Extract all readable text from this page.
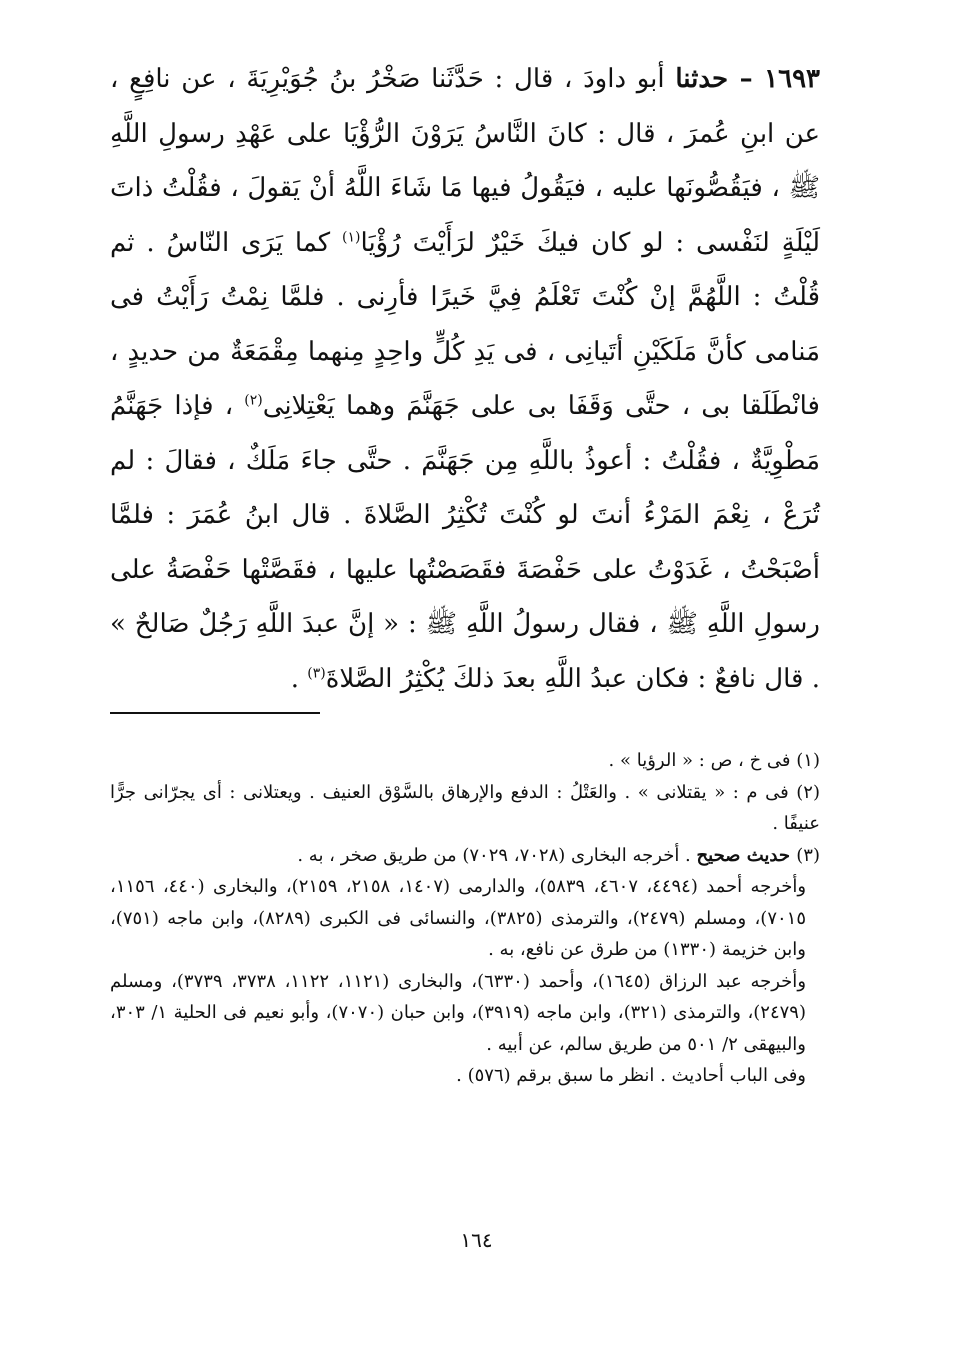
١٦٩٣ – حدثنا أبو داودَ ، قال : حَدَّثَنا صَخْرُ بنُ جُوَيْرِيَةَ ، عن نافِعٍ ، عن ابنِ عُمرَ ، قال : كانَ النَّاسُ يَرَوْنَ الرُّؤْيَا على عَهْدِ رسولِ اللَّهِ ﷺ ، فيَقُصُّونَها عليه ، فيَقُولُ فيها مَا شَاءَ اللَّهُ أنْ يَقولَ ، فقُلْتُ ذاتَ لَيْلَةٍ لنَفْسى : لو كان فيكَ خَيْرٌ لرَأَيْتَ رُؤْيَا$^{(١)}$ كما يَرَى النّاسُ . ثم قُلْتُ : اللَّهُمَّ إنْ كُنْتَ تَعْلَمُ فِيَّ خَيرًا فأرِنى . فلمَّا نِمْتُ رَأَيْتُ فى مَنامى كأنَّ مَلَكَيْنِ أتَيانِى ، فى يَدِ كُلٍّ واحِدٍ مِنهما مِقْمَعَةٌ من حديدٍ ، فانْطَلَقا بى ، حتَّى وَقَفَا بى على جَهَنَّمَ وهما يَعْتِلانِى$^{(٢)}$ ، فإذا جَهَنَّمُ مَطْوِيَّةٌ ، فقُلْتُ : أعوذُ باللَّهِ مِن جَهَنَّمَ . حتَّى جاءَ مَلَكٌ ، فقالَ : لم تُرَعْ ، نِعْمَ المَرْءُ أنتَ لو كُنْتَ تُكْثِرُ الصَّلاةَ . قال ابنُ عُمَرَ : فلمَّا أصْبَحْتُ ، غَدَوْتُ على حَفْصَةَ فقَصَصْتُها عليها ، فقَصَّتْها حَفْصَةُ على رسولِ اللَّهِ ﷺ ، فقال رسولُ اللَّهِ ﷺ : « إنَّ عبدَ اللَّهِ رَجُلٌ صَالحٌ » . قال نافعٌ : فكان عبدُ اللَّهِ بعدَ ذلكَ يُكْثِرُ الصَّلاةَ$^{(٣)}$ .

(١) فى خ ، ص : « الرؤيا » .

(٢) فى م : « يقتلانى » . والعَتْلُ : الدفع والإرهاق بالسَّوْق العنيف . ويعتلانى : أى يجرّانى جرًّا عنيفًا .

(٣) حديث صحيح . أخرجه البخارى (٧٠٢٨، ٧٠٢٩) من طريق صخر ، به .

وأخرجه أحمد (٤٤٩٤، ٤٦٠٧، ٥٨٣٩)، والدارمى (١٤٠٧، ٢١٥٨، ٢١٥٩)، والبخارى (٤٤٠، ١١٥٦، ٧٠١٥)، ومسلم (٢٤٧٩)، والترمذى (٣٨٢٥)، والنسائى فى الكبرى (٨٢٨٩)، وابن ماجه (٧٥١)، وابن خزيمة (١٣٣٠) من طرق عن نافع، به .

وأخرجه عبد الرزاق (١٦٤٥)، وأحمد (٦٣٣٠)، والبخارى (١١٢١، ١١٢٢، ٣٧٣٨، ٣٧٣٩)، ومسلم (٢٤٧٩)، والترمذى (٣٢١)، وابن ماجه (٣٩١٩)، وابن حبان (٧٠٧٠)، وأبو نعيم فى الحلية ١/ ٣٠٣، والبيهقى ٢/ ٥٠١ من طريق سالم، عن أبيه .

وفى الباب أحاديث . انظر ما سبق برقم (٥٧٦) .

١٦٤
